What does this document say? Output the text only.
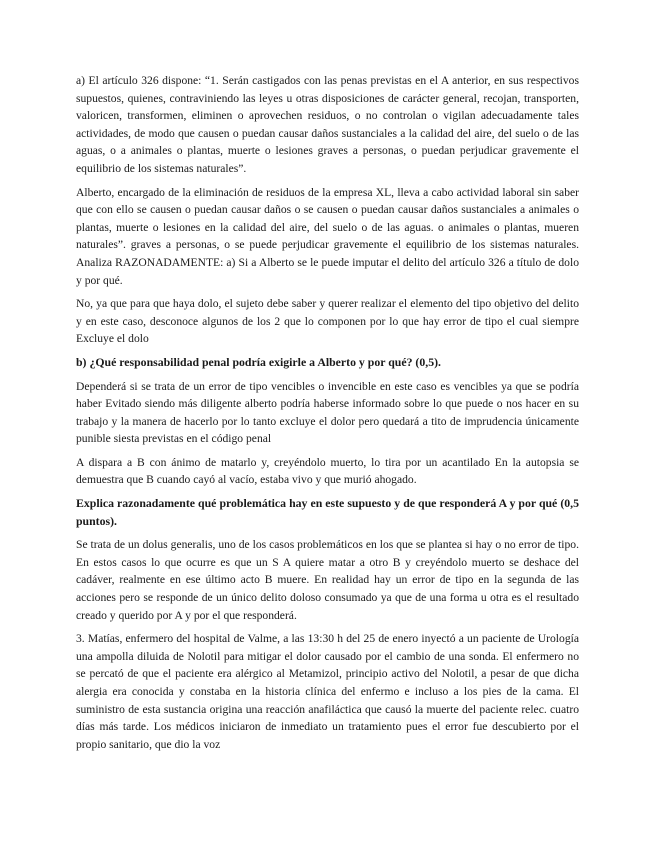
a) El artículo 326 dispone: “1. Serán castigados con las penas previstas en el A anterior, en sus respectivos supuestos, quienes, contraviniendo las leyes u otras disposiciones de carácter general, recojan, transporten, valoricen, transformen, eliminen o aprovechen residuos, o no controlan o vigilan adecuadamente tales actividades, de modo que causen o puedan causar daños sustanciales a la calidad del aire, del suelo o de las aguas, o a animales o plantas, muerte o lesiones graves a personas, o puedan perjudicar gravemente el equilibrio de los sistemas naturales”.

Alberto, encargado de la eliminación de residuos de la empresa XL, lleva a cabo actividad laboral sin saber que con ello se causen o puedan causar daños o se causen o puedan causar daños sustanciales a animales o plantas, muerte o lesiones en la calidad del aire, del suelo o de las aguas. o animales o plantas, mueren naturales”. graves a personas, o se puede perjudicar gravemente el equilibrio de los sistemas naturales. Analiza RAZONADAMENTE: a) Si a Alberto se le puede imputar el delito del artículo 326 a título de dolo y por qué.

No, ya que para que haya dolo, el sujeto debe saber y querer realizar el elemento del tipo objetivo del delito y en este caso, desconoce algunos de los 2 que lo componen por lo que hay error de tipo el cual siempre Excluye el dolo

b) ¿Qué responsabilidad penal podría exigirle a Alberto y por qué? (0,5).

Dependerá si se trata de un error de tipo vencibles o invencible en este caso es vencibles ya que se podría haber Evitado siendo más diligente alberto podría haberse informado sobre lo que puede o nos hacer en su trabajo y la manera de hacerlo por lo tanto excluye el dolor pero quedará a tito de imprudencia únicamente punible siesta previstas en el código penal

A dispara a B con ánimo de matarlo y, creyéndolo muerto, lo tira por un acantilado En la autopsia se demuestra que B cuando cayó al vacío, estaba vivo y que murió ahogado.

Explica razonadamente qué problemática hay en este supuesto y de que responderá A y por qué (0,5 puntos).

Se trata de un dolus generalis, uno de los casos problemáticos en los que se plantea si hay o no error de tipo. En estos casos lo que ocurre es que un S A quiere matar a otro B y creyéndolo muerto se deshace del cadáver, realmente en ese último acto B muere. En realidad hay un error de tipo en la segunda de las acciones pero se responde de un único delito doloso consumado ya que de una forma u otra es el resultado creado y querido por A y por el que responderá.

3. Matías, enfermero del hospital de Valme, a las 13:30 h del 25 de enero inyectó a un paciente de Urología una ampolla diluida de Nolotil para mitigar el dolor causado por el cambio de una sonda. El enfermero no se percató de que el paciente era alérgico al Metamizol, principio activo del Nolotil, a pesar de que dicha alergia era conocida y constaba en la historia clínica del enfermo e incluso a los pies de la cama. El suministro de esta sustancia origina una reacción anafiláctica que causó la muerte del paciente relec. cuatro días más tarde. Los médicos iniciaron de inmediato un tratamiento pues el error fue descubierto por el propio sanitario, que dio la voz
